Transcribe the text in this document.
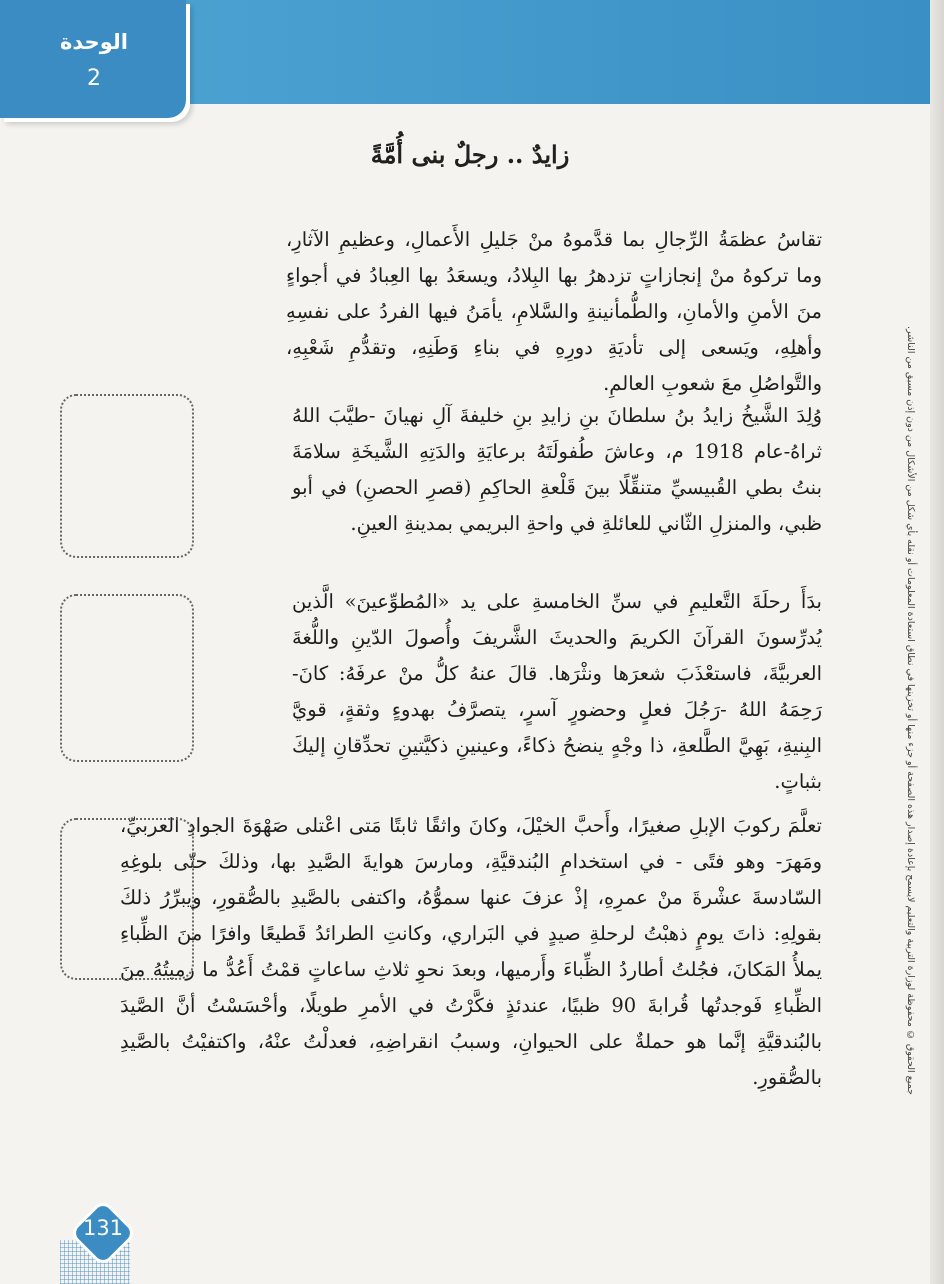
الوحدة
2
زايدٌ .. رجلٌ بنى أُمَّةً
تقاسُ عظمَةُ الرِّجالِ بما قدَّموهُ منْ جَليلِ الأَعمالِ، وعظيمِ الآثارِ، وما تركوهُ منْ إنجازاتٍ تزدهرُ بها البِلادُ، ويسعَدُ بها العِبادُ في أجواءٍ منَ الأمنِ والأمانِ، والطُّمأنينةِ والسَّلامِ، يأمَنُ فيها الفردُ على نفسِهِ وأهلِهِ، ويَسعى إلى تأديَةِ دورِهِ في بناءِ وَطَنِهِ، وتقدُّمِ شَعْبِهِ، والتَّواصُلِ معَ شعوبِ العالمِ.
وُلِدَ الشَّيخُ زايدُ بنُ سلطانَ بنِ زايدِ بنِ خليفةَ آلِ نهيانَ -طيَّبَ اللهُ ثراهُ-عام 1918 م، وعاشَ طُفولَتَهُ برعايَةِ والدَتِهِ الشَّيخَةِ سلامَةَ بنتُ بطي القُبيسيِّ متنقِّلًا بينَ قَلْعةِ الحاكِمِ (قصرِ الحصنِ) في أبو ظبي، والمنزلِ الثّاني للعائلةِ في واحةِ البريمي بمدينةِ العينِ.
بدَأَ رحلَةَ التَّعليمِ في سنِّ الخامسةِ على يد «المُطوِّعينَ» الَّذين يُدرِّسونَ القرآنَ الكريمَ والحديثَ الشَّريفَ وأُصولَ الدّينِ واللُّغةَ العربيَّةَ، فاستعْذَبَ شعرَها ونثْرَها. قالَ عنهُ كلُّ منْ عرفَهُ: كانَ- رَحِمَهُ اللهُ -رَجُلَ فعلٍ وحضورٍ آسرٍ، يتصرَّفُ بهدوءٍ وثقةٍ، قويَّ البِنيةِ، بَهِيَّ الطَّلعةِ، ذا وجْهٍ ينضحُ ذكاءً، وعينينِ ذكيَّتينِ تحدِّقانِ إليكَ بثباتٍ.
تعلَّمَ ركوبَ الإبلِ صغيرًا، وأَحبَّ الخيْلَ، وكانَ واثقًا ثابتًا مَتى اعْتلى صَهْوَةَ الجوادِ العربيِّ، ومَهرَ- وهو فتًى - في استخدامِ البُندقيَّةِ، ومارسَ هوايةَ الصَّيدِ بها، وذلكَ حتّى بلوغِهِ السّادسةَ عشْرةَ منْ عمرِهِ، إذْ عزفَ عنها سموُّهُ، واكتفى بالصَّيدِ بالصُّقورِ، ويبرِّرُ ذلكَ بقولِهِ: ذاتَ يومٍ ذهبْتُ لرحلةِ صيدٍ في البَراري، وكانتِ الطرائدُ قَطيعًا وافرًا منَ الظِّباءِ يملأُ المَكانَ، فجُلتُ أطاردُ الظِّباءَ وأَرميها، وبعدَ نحوِ ثلاثِ ساعاتٍ قمْتُ أَعُدُّ ما رميتُهُ منَ الظِّباءِ فَوجدتُها قُرابةَ 90 ظبيًا، عندئذٍ فكَّرْتُ في الأمرِ طويلًا، وأحْسَسْتُ أنَّ الصَّيدَ بالبُندقيَّةِ إنَّما هو حملةٌ على الحيوانِ، وسببُ انقراضِهِ، فعدلْتُ عنْهُ، واكتفيْتُ بالصَّيدِ بالصُّقورِ.	جميع الحقوق © محفوظة لوزارة التربية والتعليم لايسمح بإعادة إصدار هذه الصفحة أو جزء منها أو تخزينها في نطاق استعادة المعلومات أو نقله بأي شكل من الأشكال من دون إذن مسبق من الناشر.
131
